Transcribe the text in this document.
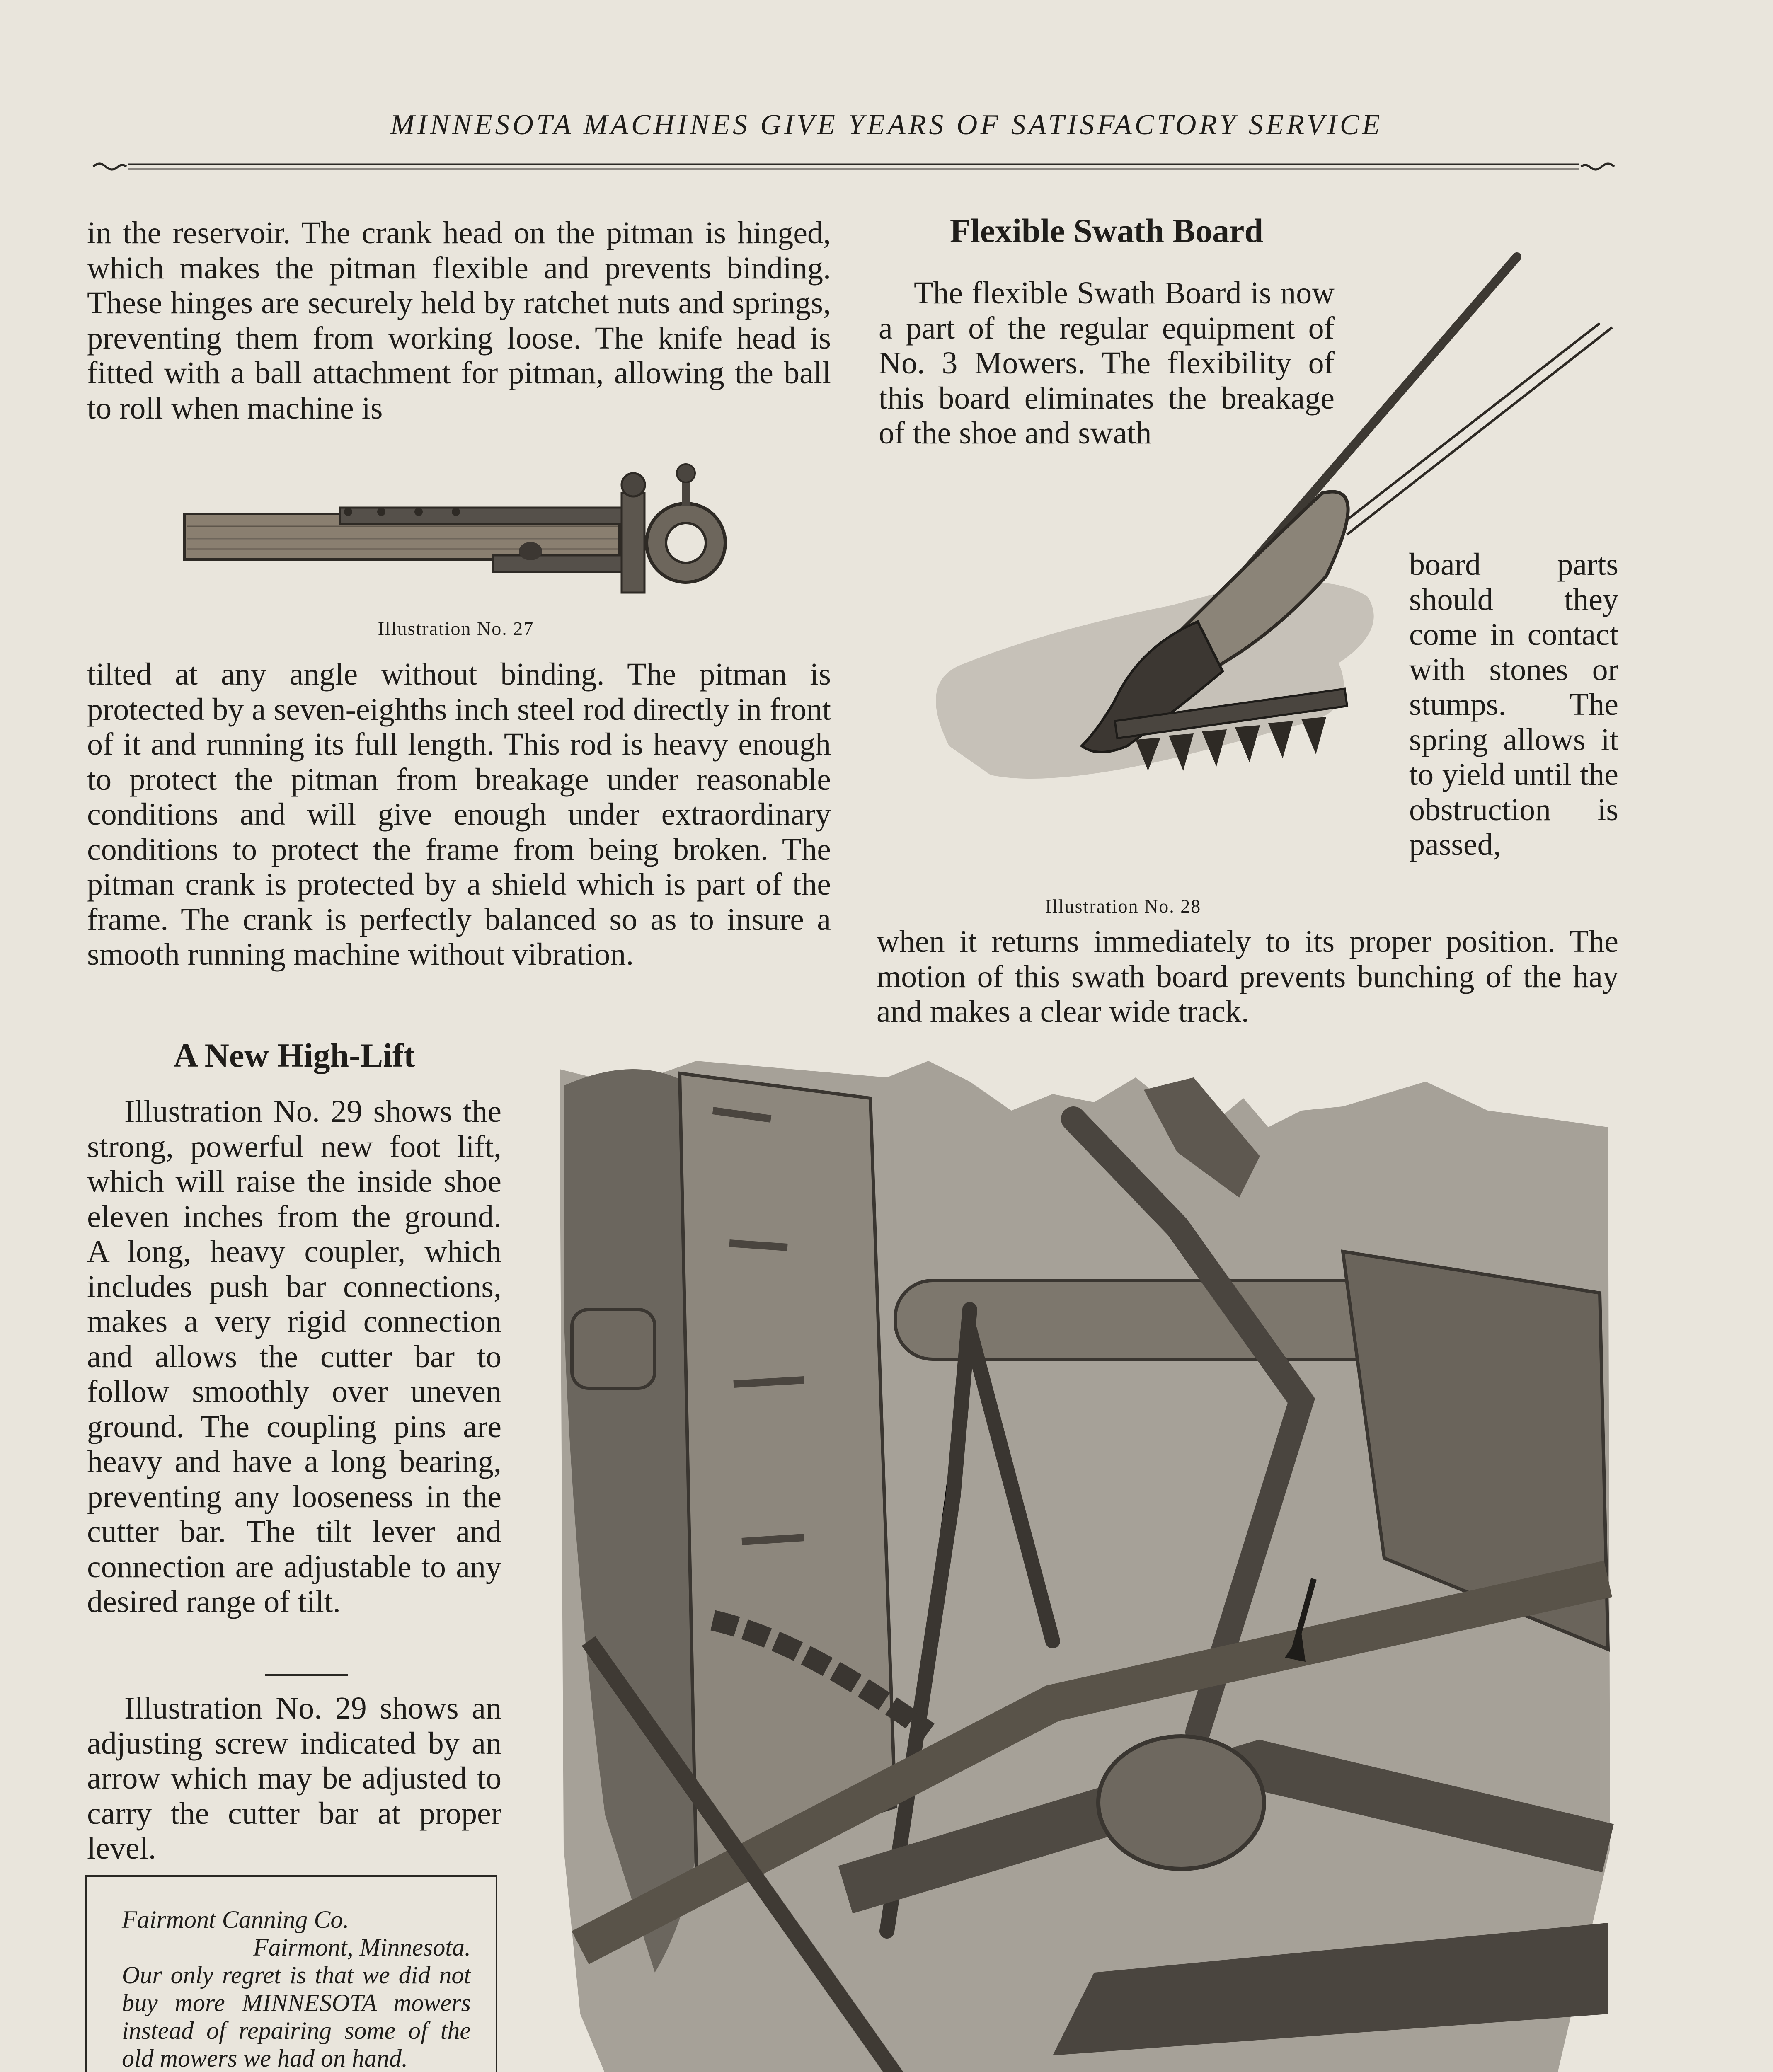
MINNESOTA MACHINES GIVE YEARS OF SATISFACTORY SERVICE

in the reservoir. The crank head on the pitman is hinged, which makes the pitman flexible and prevents binding. These hinges are securely held by ratchet nuts and springs, preventing them from working loose. The knife head is fitted with a ball attachment for pitman, allowing the ball to roll when machine is

Illustration No. 27

tilted at any angle without binding. The pitman is protected by a seven-eighths inch steel rod directly in front of it and running its full length. This rod is heavy enough to protect the pitman from breakage under reasonable conditions and will give enough under extraordinary conditions to protect the frame from being broken. The pitman crank is protected by a shield which is part of the frame. The crank is perfectly balanced so as to insure a smooth running machine without vibration.

A New High-Lift

Illustration No. 29 shows the strong, powerful new foot lift, which will raise the inside shoe eleven inches from the ground. A long, heavy coupler, which includes push bar connections, makes a very rigid connection and allows the cutter bar to follow smoothly over uneven ground. The coupling pins are heavy and have a long bearing, preventing any looseness in the cutter bar. The tilt lever and connection are adjustable to any desired range of tilt.

Illustration No. 29 shows an adjusting screw indicated by an arrow which may be adjusted to carry the cutter bar at proper level.

Fairmont Canning Co.
Fairmont, Minnesota.
Our only regret is that we did not buy more MINNESOTA mowers instead of repairing some of the old mowers we had on hand.
Flexible Swath Board

The flexible Swath Board is now a part of the regular equipment of No. 3 Mowers. The flexibility of this board eliminates the breakage of the shoe and swath

board parts should they come in contact with stones or stumps. The spring allows it to yield until the obstruction is passed,

when it returns immediately to its proper position. The motion of this swath board prevents bunching of the hay and makes a clear wide track.

Illustration No. 28
